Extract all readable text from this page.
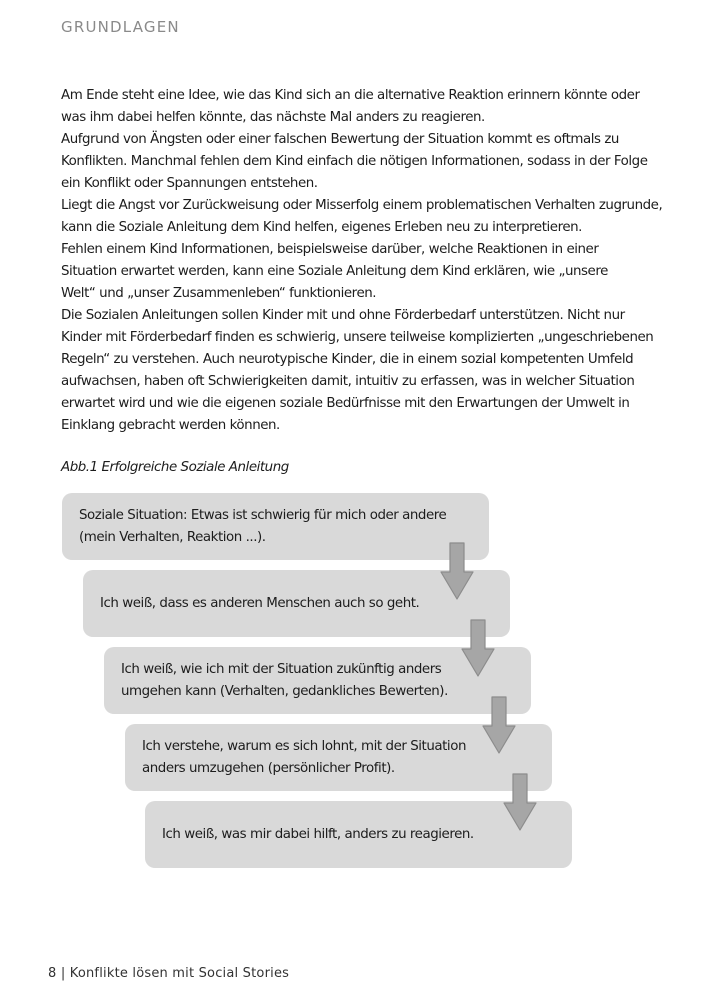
GRUNDLAGEN
Am Ende steht eine Idee, wie das Kind sich an die alternative Reaktion erinnern könnte oder
was ihm dabei helfen könnte, das nächste Mal anders zu reagieren.
Aufgrund von Ängsten oder einer falschen Bewertung der Situation kommt es oftmals zu
Konflikten. Manchmal fehlen dem Kind einfach die nötigen Informationen, sodass in der Folge
ein Konflikt oder Spannungen entstehen.
Liegt die Angst vor Zurückweisung oder Misserfolg einem problematischen Verhalten zugrunde,
kann die Soziale Anleitung dem Kind helfen, eigenes Erleben neu zu interpretieren.
Fehlen einem Kind Informationen, beispielsweise darüber, welche Reaktionen in einer
Situation erwartet werden, kann eine Soziale Anleitung dem Kind erklären, wie „unsere
Welt“ und „unser Zusammenleben“ funktionieren.
Die Sozialen Anleitungen sollen Kinder mit und ohne Förderbedarf unterstützen. Nicht nur
Kinder mit Förderbedarf finden es schwierig, unsere teilweise komplizierten „ungeschriebenen
Regeln“ zu verstehen. Auch neurotypische Kinder, die in einem sozial kompetenten Umfeld
aufwachsen, haben oft Schwierigkeiten damit, intuitiv zu erfassen, was in welcher Situation
erwartet wird und wie die eigenen soziale Bedürfnisse mit den Erwartungen der Umwelt in
Einklang gebracht werden können.
Abb.1 Erfolgreiche Soziale Anleitung
Soziale Situation: Etwas ist schwierig für mich oder andere
(mein Verhalten, Reaktion ...).
Ich weiß, dass es anderen Menschen auch so geht.
Ich weiß, wie ich mit der Situation zukünftig anders
umgehen kann (Verhalten, gedankliches Bewerten).
Ich verstehe, warum es sich lohnt, mit der Situation
anders umzugehen (persönlicher Profit).
Ich weiß, was mir dabei hilft, anders zu reagieren.
8 | Konflikte lösen mit Social Stories
